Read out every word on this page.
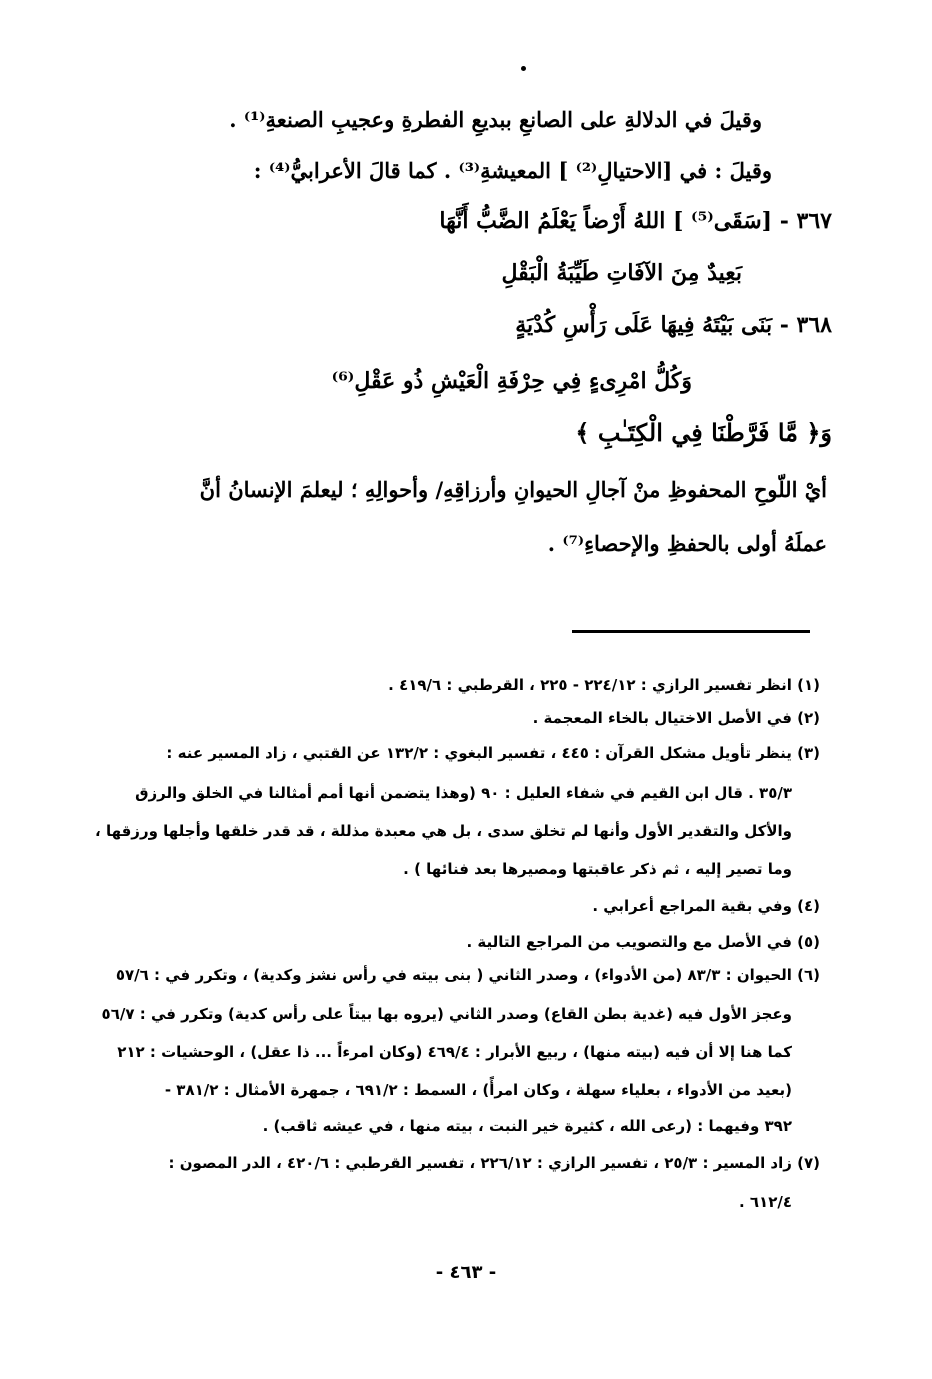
وقيلَ في الدلالةِ على الصانعِ ببديعِ الفطرةِ وعجيبِ الصنعةِ⁽¹⁾ .
وقيلَ : في [الاحتيالِ⁽²⁾ ] المعيشةِ⁽³⁾ . كما قالَ الأعرابيُّ⁽⁴⁾ :
٣٦٧ - [سَقَى⁽⁵⁾ ] اللهُ أَرْضاً يَعْلَمُ الضَّبُّ أَنَّهَا
بَعِيدٌ مِنَ الآفَاتِ طَيِّبَةُ الْبَقْلِ
٣٦٨ - بَنَى بَيْتَهُ فِيهَا عَلَى رَأْسِ كُدْيَةٍ
وَكُلُّ امْرِىءٍ فِي حِرْفَةِ الْعَيْشِ ذُو عَقْلِ⁽⁶⁾
وَ﴿ مَّا فَرَّطْنَا فِي الْكِتَـٰبِ ﴾
أيْ اللّوحِ المحفوظِ منْ آجالِ الحيوانِ وأرزاقِهِ/ وأحوالِهِ ؛ ليعلمَ الإنسانُ أنَّ
عملَهُ أولى بالحفظِ والإحصاءِ⁽⁷⁾ .
(١) انظر تفسير الرازي : ٢٢٤/١٢ - ٢٢٥ ، القرطبي : ٤١٩/٦ .
(٢) في الأصل الاختيال بالخاء المعجمة .
(٣) ينظر تأويل مشكل القرآن : ٤٤٥ ، تفسير البغوي : ١٣٢/٢ عن القتبي ، زاد المسير عنه :
٣٥/٣ . قال ابن القيم في شفاء العليل : ٩٠ (وهذا يتضمن أنها أمم أمثالنا في الخلق والرزق
والأكل والتقدير الأول وأنها لم تخلق سدى ، بل هي معبدة مذللة ، قد قدر خلقها وأجلها ورزقها ،
وما تصير إليه ، ثم ذكر عاقبتها ومصيرها بعد فنائها ) .
(٤) وفي بقية المراجع أعرابي .
(٥) في الأصل مع والتصويب من المراجع التالية .
(٦) الحيوان : ٨٣/٣ (من الأدواء) ، وصدر الثاني ( بنى بيته في رأس نشز وكدية) ، وتكرر في : ٥٧/٦
وعجز الأول فيه (غدية بطن القاع) وصدر الثاني (يروه بها بيتاً على رأس كدية) وتكرر في : ٥٦/٧
كما هنا إلا أن فيه (بيته منها) ، ربيع الأبرار : ٤٦٩/٤ (وكان امرءاً ... ذا عقل) ، الوحشيات : ٢١٢
(بعيد من الأدواء ، بعلياء سهلة ، وكان امرأً) ، السمط : ٦٩١/٢ ، جمهرة الأمثال : ٣٨١/٢ -
٣٩٢ وفيهما : (رعى الله ، كثيرة خير النبت ، بيته منها ، في عيشه ثاقب) .
(٧) زاد المسير : ٢٥/٣ ، تفسير الرازي : ٢٢٦/١٢ ، تفسير القرطبي : ٤٢٠/٦ ، الدر المصون :
٦١٢/٤ .
- ٤٦٣ -
